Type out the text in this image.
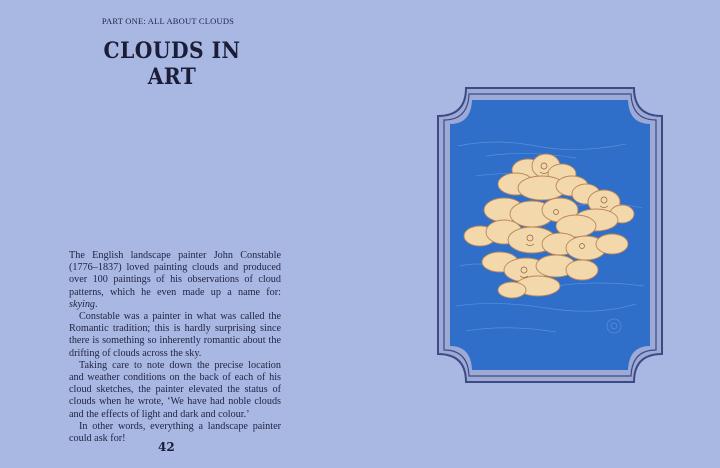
PART ONE: ALL ABOUT CLOUDS
CLOUDS IN ART

The English landscape painter John Constable (1776–1837) loved painting clouds and produced over 100 paintings of his observations of cloud patterns, which he even made up a name for: skying.

Constable was a painter in what was called the Romantic tradition; this is hardly surprising since there is something so inherently romantic about the drifting of clouds across the sky.

Taking care to note down the precise location and weather conditions on the back of each of his cloud sketches, the painter elevated the status of clouds when he wrote, ‘We have had noble clouds and the effects of light and dark and colour.’

In other words, everything a landscape painter could ask for!

42
